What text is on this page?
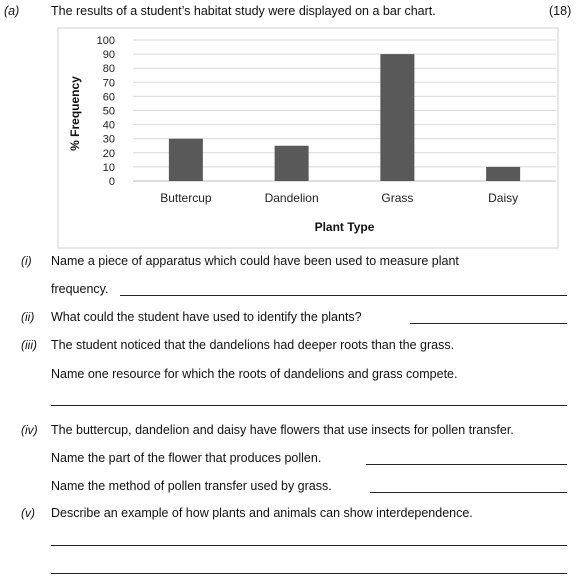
(a)	The results of a student’s habitat study were displayed on a bar chart.	(18)
0
10
20
30
40
50
60
70
80
90
100
Buttercup	Dandelion	Grass	Daisy
Plant Type
% Frequency
(i) Name a piece of apparatus which could have been used to measure plant
frequency.
(ii) What could the student have used to identify the plants?
(iii) The student noticed that the dandelions had deeper roots than the grass.
Name one resource for which the roots of dandelions and grass compete.
(iv) The buttercup, dandelion and daisy have flowers that use insects for pollen transfer.
Name the part of the flower that produces pollen.
Name the method of pollen transfer used by grass.
(v) Describe an example of how plants and animals can show interdependence.
